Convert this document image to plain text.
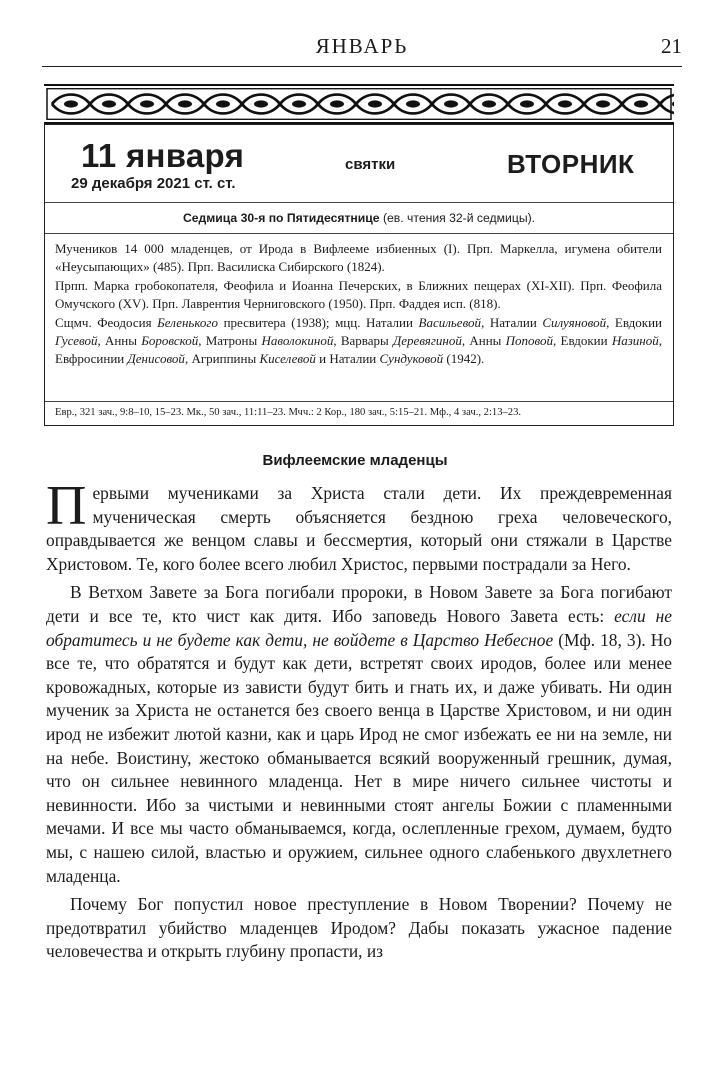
ЯНВАРЬ	21
11 января
29 декабря 2021 ст. ст.
святки	ВТОРНИК
Седмица 30-я по Пятидесятнице (ев. чтения 32-й седмицы).

Мучеников 14 000 младенцев, от Ирода в Вифлееме избиенных (I). Прп. Маркелла, игумена обители «Неусыпающих» (485). Прп. Василиска Сибирского (1824).

Прпп. Марка гробокопателя, Феофила и Иоанна Печерских, в Ближних пещерах (XI-XII). Прп. Феофила Омучского (XV). Прп. Лаврентия Черниговского (1950). Прп. Фаддея исп. (818).

Сщмч. Феодосия Беленького пресвитера (1938); мцц. Наталии Васильевой, Наталии Силуяновой, Евдокии Гусевой, Анны Боровской, Матроны Наволокиной, Варвары Деревягиной, Анны Поповой, Евдокии Назиной, Евфросинии Денисовой, Агриппины Киселевой и Наталии Сундуковой (1942).

Евр., 321 зач., 9:8–10, 15–23. Мк., 50 зач., 11:11–23. Мчч.: 2 Кор., 180 зач., 5:15–21. Мф., 4 зач., 2:13–23.
Вифлеемские младенцы

Первыми мучениками за Христа стали дети. Их преждевременная мученическая смерть объясняется бездною греха человеческого, оправдывается же венцом славы и бессмертия, который они стяжали в Царстве Христовом. Те, кого более всего любил Христос, первыми пострадали за Него.

В Ветхом Завете за Бога погибали пророки, в Новом Завете за Бога погибают дети и все те, кто чист как дитя. Ибо заповедь Нового Завета есть: если не обратитесь и не будете как дети, не войдете в Царство Небесное (Мф. 18, 3). Но все те, что обратятся и будут как дети, встретят своих иродов, более или менее кровожадных, которые из зависти будут бить и гнать их, и даже убивать. Ни один мученик за Христа не останется без своего венца в Царстве Христовом, и ни один ирод не избежит лютой казни, как и царь Ирод не смог избежать ее ни на земле, ни на небе. Воистину, жестоко обманывается всякий вооруженный грешник, думая, что он сильнее невинного младенца. Нет в мире ничего сильнее чистоты и невинности. Ибо за чистыми и невинными стоят ангелы Божии с пламенными мечами. И все мы часто обманываемся, когда, ослепленные грехом, думаем, будто мы, с нашею силой, властью и оружием, сильнее одного слабенького двухлетнего младенца.

Почему Бог попустил новое преступление в Новом Творении? Почему не предотвратил убийство младенцев Иродом? Дабы показать ужасное падение человечества и открыть глубину пропасти, из
